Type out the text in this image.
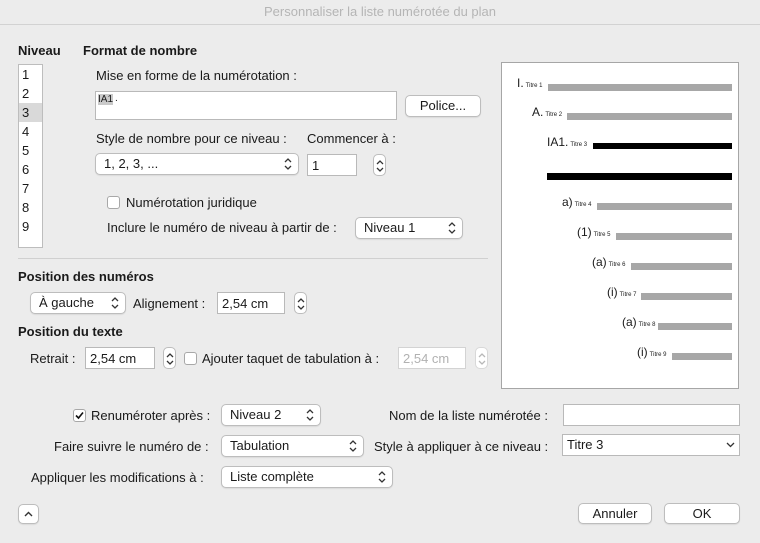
Personnaliser la liste numérotée du plan
Niveau
1
2
3
4
5
6
7
8
9
Format de nombre
Mise en forme de la numérotation :
IA1 .	Police...
Style de nombre pour ce niveau : Commencer à :
1, 2, 3, ...	1
Numérotation juridique
Inclure le numéro de niveau à partir de :	Niveau 1
Position des numéros
À gauche	Alignement :	2,54 cm
Position du texte
Retrait :	2,54 cm	Ajouter taquet de tabulation à :	2,54 cm
I. Titre 1
A. Titre 2
IA1. Titre 3
a) Titre 4
(1) Titre 5
(a) Titre 6
(i) Titre 7
(a) Titre 8
(i) Titre 9
Renuméroter après :	Niveau 2	Nom de la liste numérotée :
Faire suivre le numéro de :	Tabulation	Style à appliquer à ce niveau :	Titre 3
Appliquer les modifications à :	Liste complète
Annuler	OK
